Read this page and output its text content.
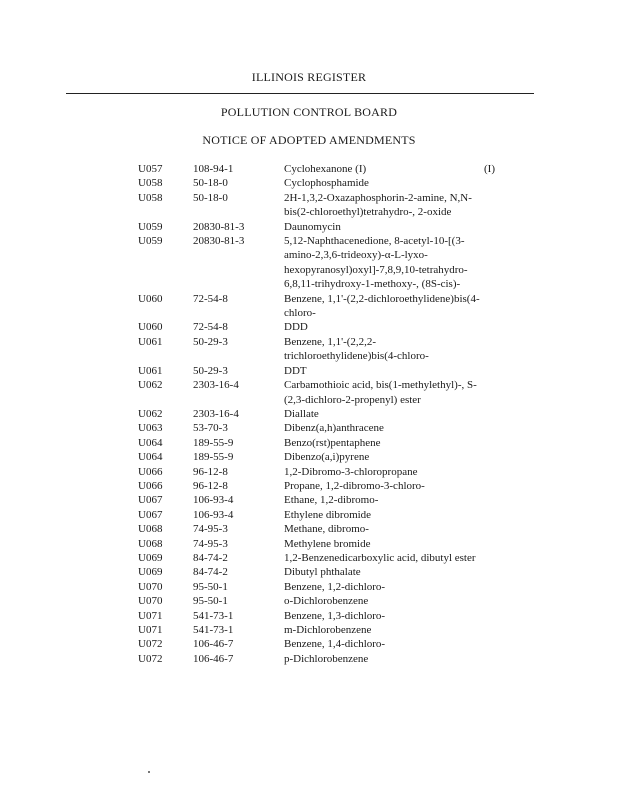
ILLINOIS REGISTER
POLLUTION CONTROL BOARD
NOTICE OF ADOPTED AMENDMENTS
U057	108-94-1	Cyclohexanone (I)	(I)
U058	50-18-0	Cyclophosphamide	
U058	50-18-0	2H-1,3,2-Oxazaphosphorin-2-amine, N,N-bis(2-chloroethyl)tetrahydro-, 2-oxide	
U059	20830-81-3	Daunomycin	
U059	20830-81-3	5,12-Naphthacenedione, 8-acetyl-10-[(3-amino-2,3,6-trideoxy)-α-L-lyxo-hexopyranosyl)oxyl]-7,8,9,10-tetrahydro-6,8,11-trihydroxy-1-methoxy-, (8S-cis)-	
U060	72-54-8	Benzene, 1,1'-(2,2-dichloroethylidene)bis(4-chloro-	
U060	72-54-8	DDD	
U061	50-29-3	Benzene, 1,1'-(2,2,2-trichloroethylidene)bis(4-chloro-	
U061	50-29-3	DDT	
U062	2303-16-4	Carbamothioic acid, bis(1-methylethyl)-, S-(2,3-dichloro-2-propenyl) ester	
U062	2303-16-4	Diallate	
U063	53-70-3	Dibenz(a,h)anthracene	
U064	189-55-9	Benzo(rst)pentaphene	
U064	189-55-9	Dibenzo(a,i)pyrene	
U066	96-12-8	1,2-Dibromo-3-chloropropane	
U066	96-12-8	Propane, 1,2-dibromo-3-chloro-	
U067	106-93-4	Ethane, 1,2-dibromo-	
U067	106-93-4	Ethylene dibromide	
U068	74-95-3	Methane, dibromo-	
U068	74-95-3	Methylene bromide	
U069	84-74-2	1,2-Benzenedicarboxylic acid, dibutyl ester	
U069	84-74-2	Dibutyl phthalate	
U070	95-50-1	Benzene, 1,2-dichloro-	
U070	95-50-1	o-Dichlorobenzene	
U071	541-73-1	Benzene, 1,3-dichloro-	
U071	541-73-1	m-Dichlorobenzene	
U072	106-46-7	Benzene, 1,4-dichloro-	
U072	106-46-7	p-Dichlorobenzene	
